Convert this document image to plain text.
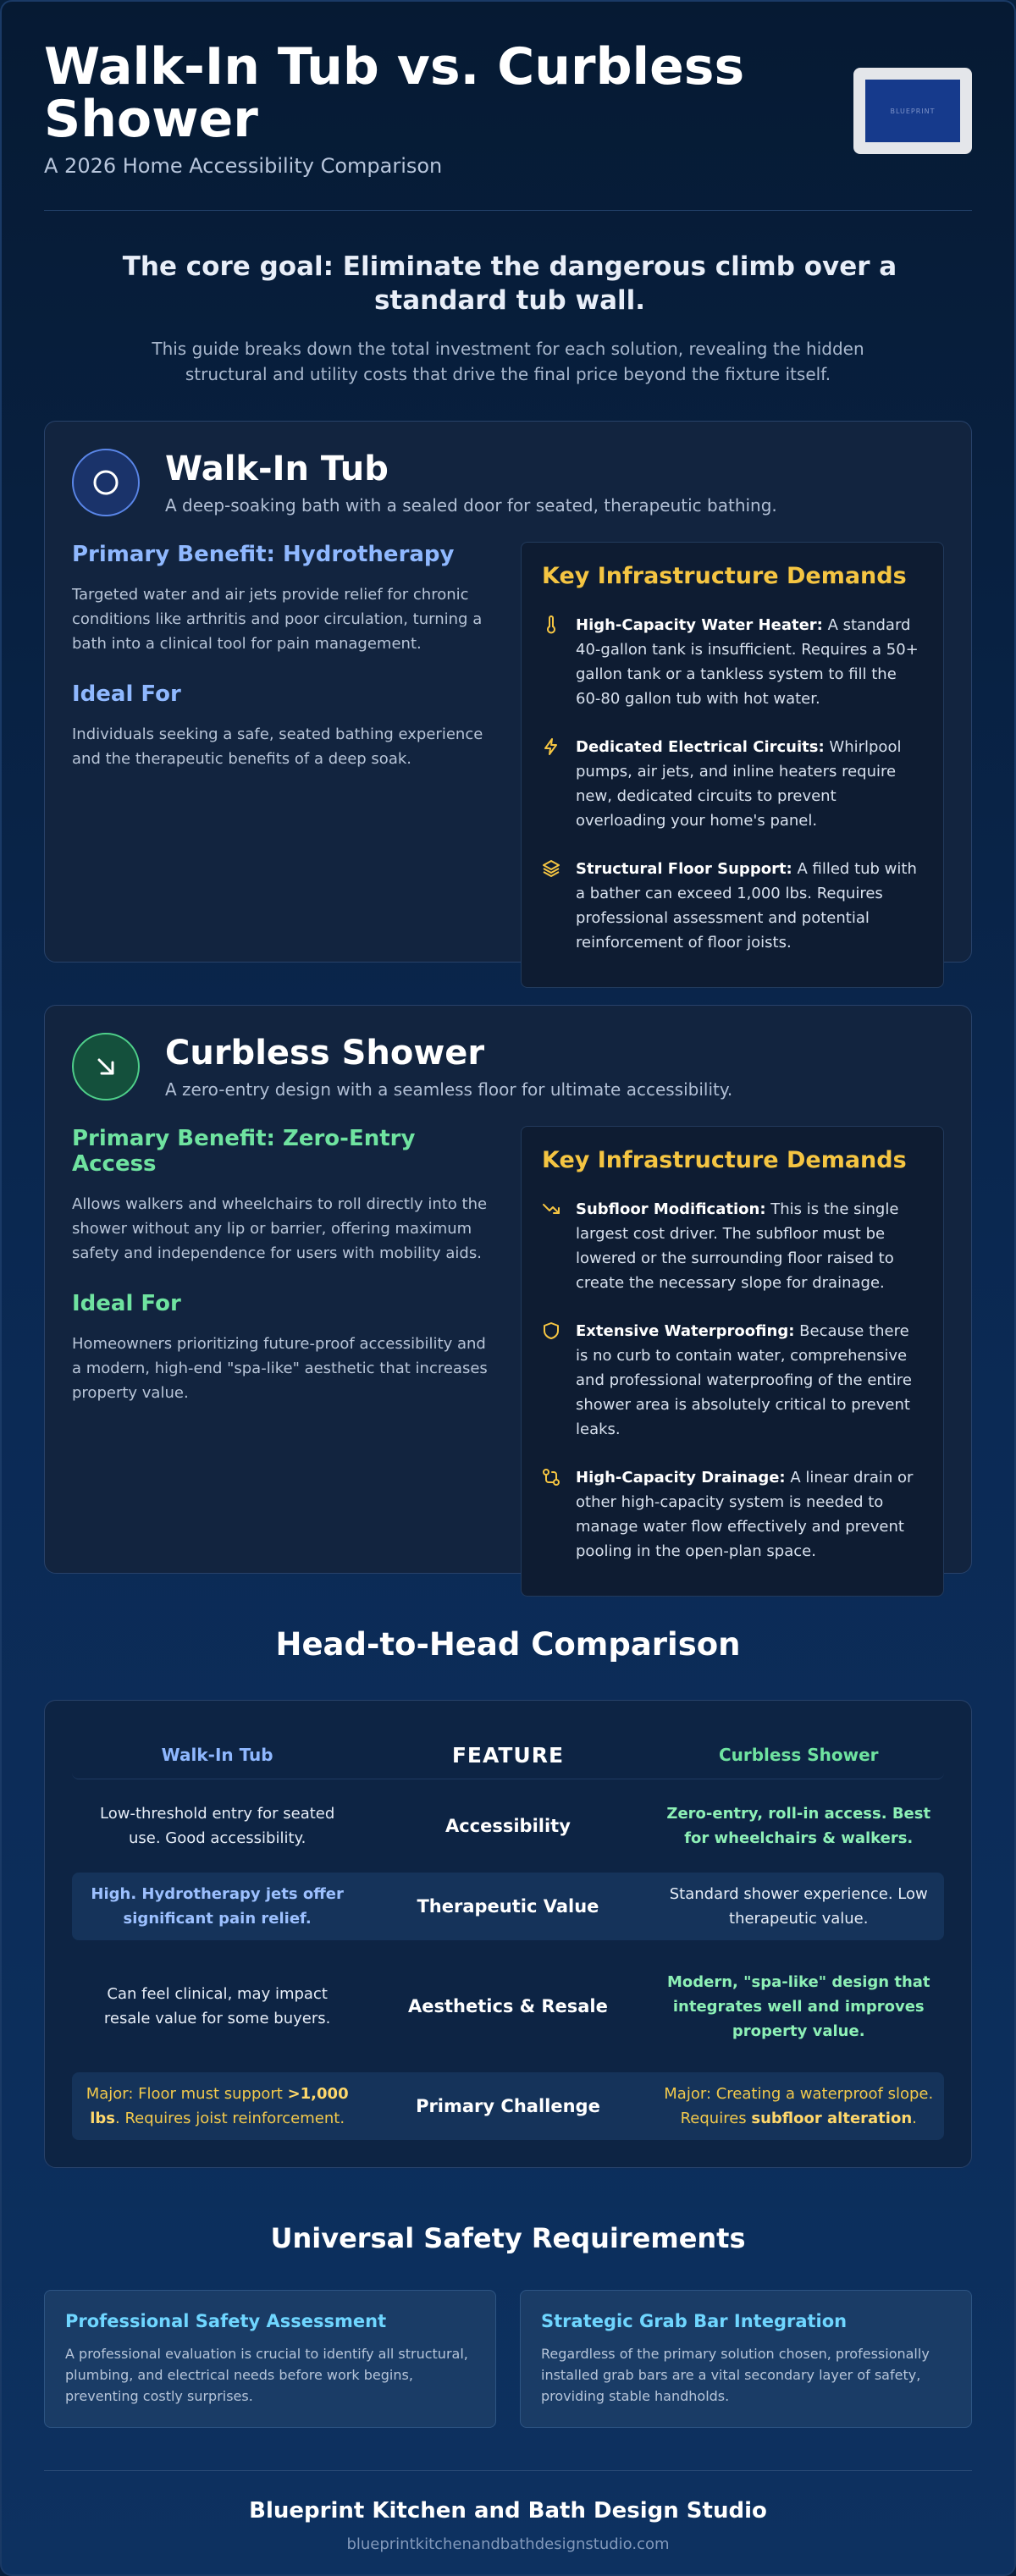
Walk-In Tub vs. Curbless Shower
A 2026 Home Accessibility Comparison
BLUEPRINT
The core goal: Eliminate the dangerous climb over a standard tub wall.

This guide breaks down the total investment for each solution, revealing the hidden structural and utility costs that drive the final price beyond the fixture itself.

Walk-In Tub
A deep-soaking bath with a sealed door for seated, therapeutic bathing.
Primary Benefit: Hydrotherapy

Targeted water and air jets provide relief for chronic conditions like arthritis and poor circulation, turning a bath into a clinical tool for pain management.

Ideal For

Individuals seeking a safe, seated bathing experience and the therapeutic benefits of a deep soak.

Key Infrastructure Demands
High-Capacity Water Heater: A standard 40-gallon tank is insufficient. Requires a 50+ gallon tank or a tankless system to fill the 60-80 gallon tub with hot water.
Dedicated Electrical Circuits: Whirlpool pumps, air jets, and inline heaters require new, dedicated circuits to prevent overloading your home's panel.
Structural Floor Support: A filled tub with a bather can exceed 1,000 lbs. Requires professional assessment and potential reinforcement of floor joists.
Curbless Shower
A zero-entry design with a seamless floor for ultimate accessibility.
Primary Benefit: Zero-Entry Access

Allows walkers and wheelchairs to roll directly into the shower without any lip or barrier, offering maximum safety and independence for users with mobility aids.

Ideal For

Homeowners prioritizing future-proof accessibility and a modern, high-end "spa-like" aesthetic that increases property value.

Key Infrastructure Demands
Subfloor Modification: This is the single largest cost driver. The subfloor must be lowered or the surrounding floor raised to create the necessary slope for drainage.
Extensive Waterproofing: Because there is no curb to contain water, comprehensive and professional waterproofing of the entire shower area is absolutely critical to prevent leaks.
High-Capacity Drainage: A linear drain or other high-capacity system is needed to manage water flow effectively and prevent pooling in the open-plan space.
Head-to-Head Comparison
Walk-In Tub	FEATURE	Curbless Shower
Low-threshold entry for seated use. Good accessibility.
Accessibility
Zero-entry, roll-in access. Best for wheelchairs & walkers.
High. Hydrotherapy jets offer significant pain relief.
Therapeutic Value
Standard shower experience. Low therapeutic value.
Can feel clinical, may impact resale value for some buyers.
Aesthetics & Resale
Modern, "spa-like" design that integrates well and improves property value.
Major: Floor must support >1,000 lbs. Requires joist reinforcement.
Primary Challenge
Major: Creating a waterproof slope. Requires subfloor alteration.
Universal Safety Requirements
Professional Safety Assessment
A professional evaluation is crucial to identify all structural, plumbing, and electrical needs before work begins, preventing costly surprises.
Strategic Grab Bar Integration
Regardless of the primary solution chosen, professionally installed grab bars are a vital secondary layer of safety, providing stable handholds.
Blueprint Kitchen and Bath Design Studio
blueprintkitchenandbathdesignstudio.com
